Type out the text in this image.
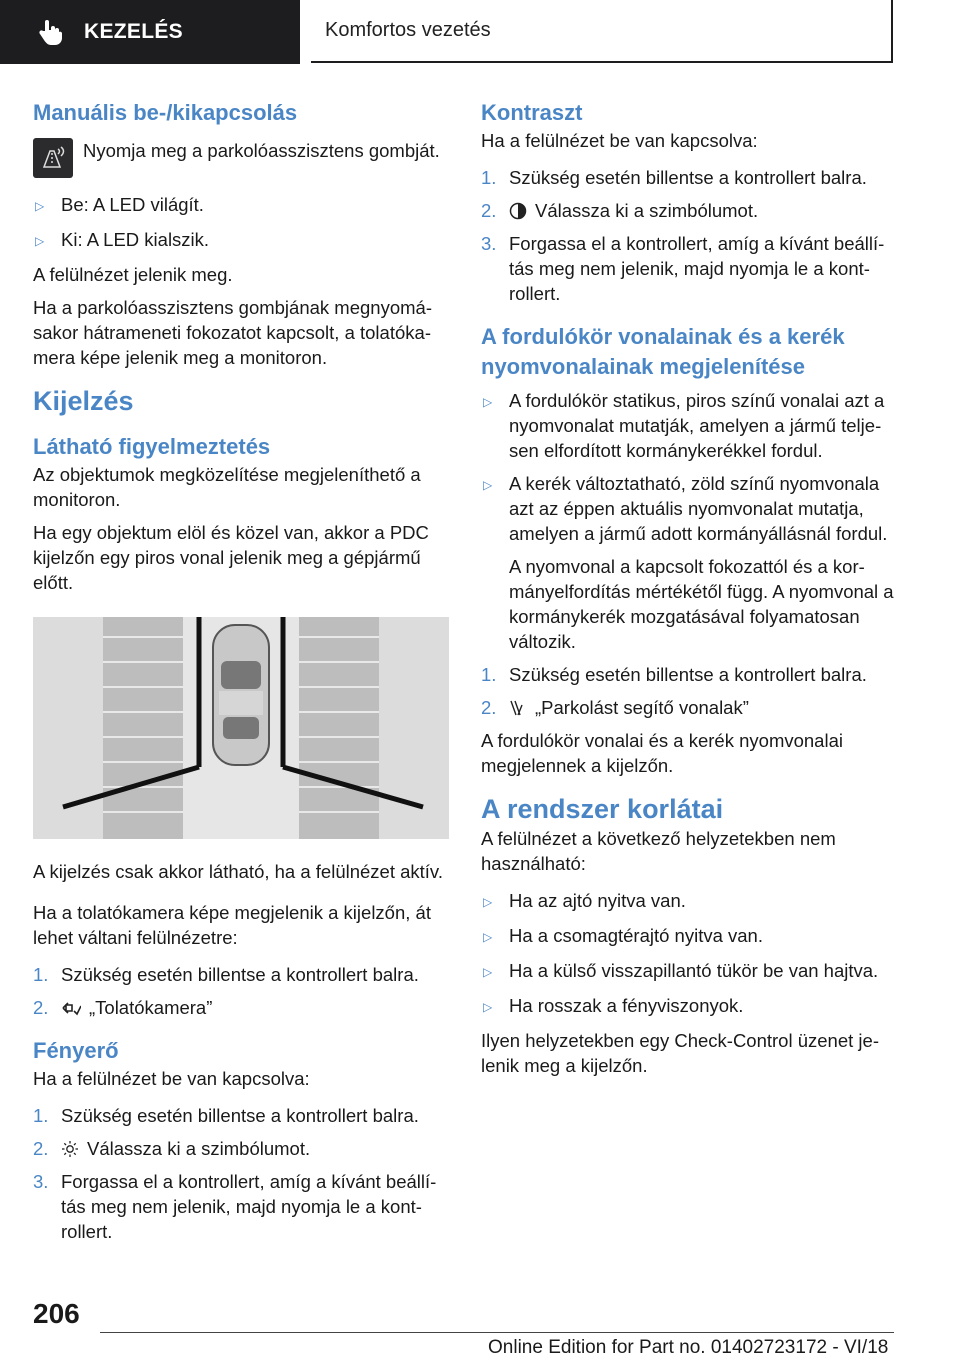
KEZELÉS	Komfortos vezetés
Manuális be-/kikapcsolás
Nyomja meg a parkolóasszisztens gombját.
▷ Be: A LED világít.
▷ Ki: A LED kialszik.

A felülnézet jelenik meg.

Ha a parkolóasszisztens gombjának megnyomásakor hátrameneti fokozatot kapcsolt, a tolatókamera képe jelenik meg a monitoron.

Kijelzés
Látható figyelmeztetés

Az objektumok megközelítése megjeleníthető a monitoron.

Ha egy objektum elöl és közel van, akkor a PDC kijelzőn egy piros vonal jelenik meg a gépjármű előtt.

A kijelzés csak akkor látható, ha a felülnézet aktív.

Ha a tolatókamera képe megjelenik a kijelzőn, át lehet váltani felülnézetre:

1. Szükség esetén billentse a kontrollert balra.
2.	„Tolatókamera”
Fényerő

Ha a felülnézet be van kapcsolva:

1. Szükség esetén billentse a kontrollert balra.
2.	Válassza ki a szimbólumot.
3. Forgassa el a kontrollert, amíg a kívánt beállítás meg nem jelenik, majd nyomja le a kontrollert.
Kontraszt

Ha a felülnézet be van kapcsolva:

1. Szükség esetén billentse a kontrollert balra.
2.	Válassza ki a szimbólumot.
3. Forgassa el a kontrollert, amíg a kívánt beállítás meg nem jelenik, majd nyomja le a kontrollert.
A fordulókör vonalainak és a kerék nyomvonalainak megjelenítése
▷ A fordulókör statikus, piros színű vonalai azt a nyomvonalat mutatják, amelyen a jármű teljesen elfordított kormánykerékkel fordul.
▷ A kerék változtatható, zöld színű nyomvonala azt az éppen aktuális nyomvonalat mutatja, amelyen a jármű adott kormányállásnál fordul.

A nyomvonal a kapcsolt fokozattól és a kormányelfordítás mértékétől függ. A nyomvonal a kormánykerék mozgatásával folyamatosan változik.

1. Szükség esetén billentse a kontrollert balra.
2.	„Parkolást segítő vonalak”

A fordulókör vonalai és a kerék nyomvonalai megjelennek a kijelzőn.

A rendszer korlátai

A felülnézet a következő helyzetekben nem használható:

▷ Ha az ajtó nyitva van.
▷ Ha a csomagtérajtó nyitva van.
▷ Ha a külső visszapillantó tükör be van hajtva.
▷ Ha rosszak a fényviszonyok.

Ilyen helyzetekben egy Check-Control üzenet jelenik meg a kijelzőn.

206
Online Edition for Part no. 01402723172 - VI/18
